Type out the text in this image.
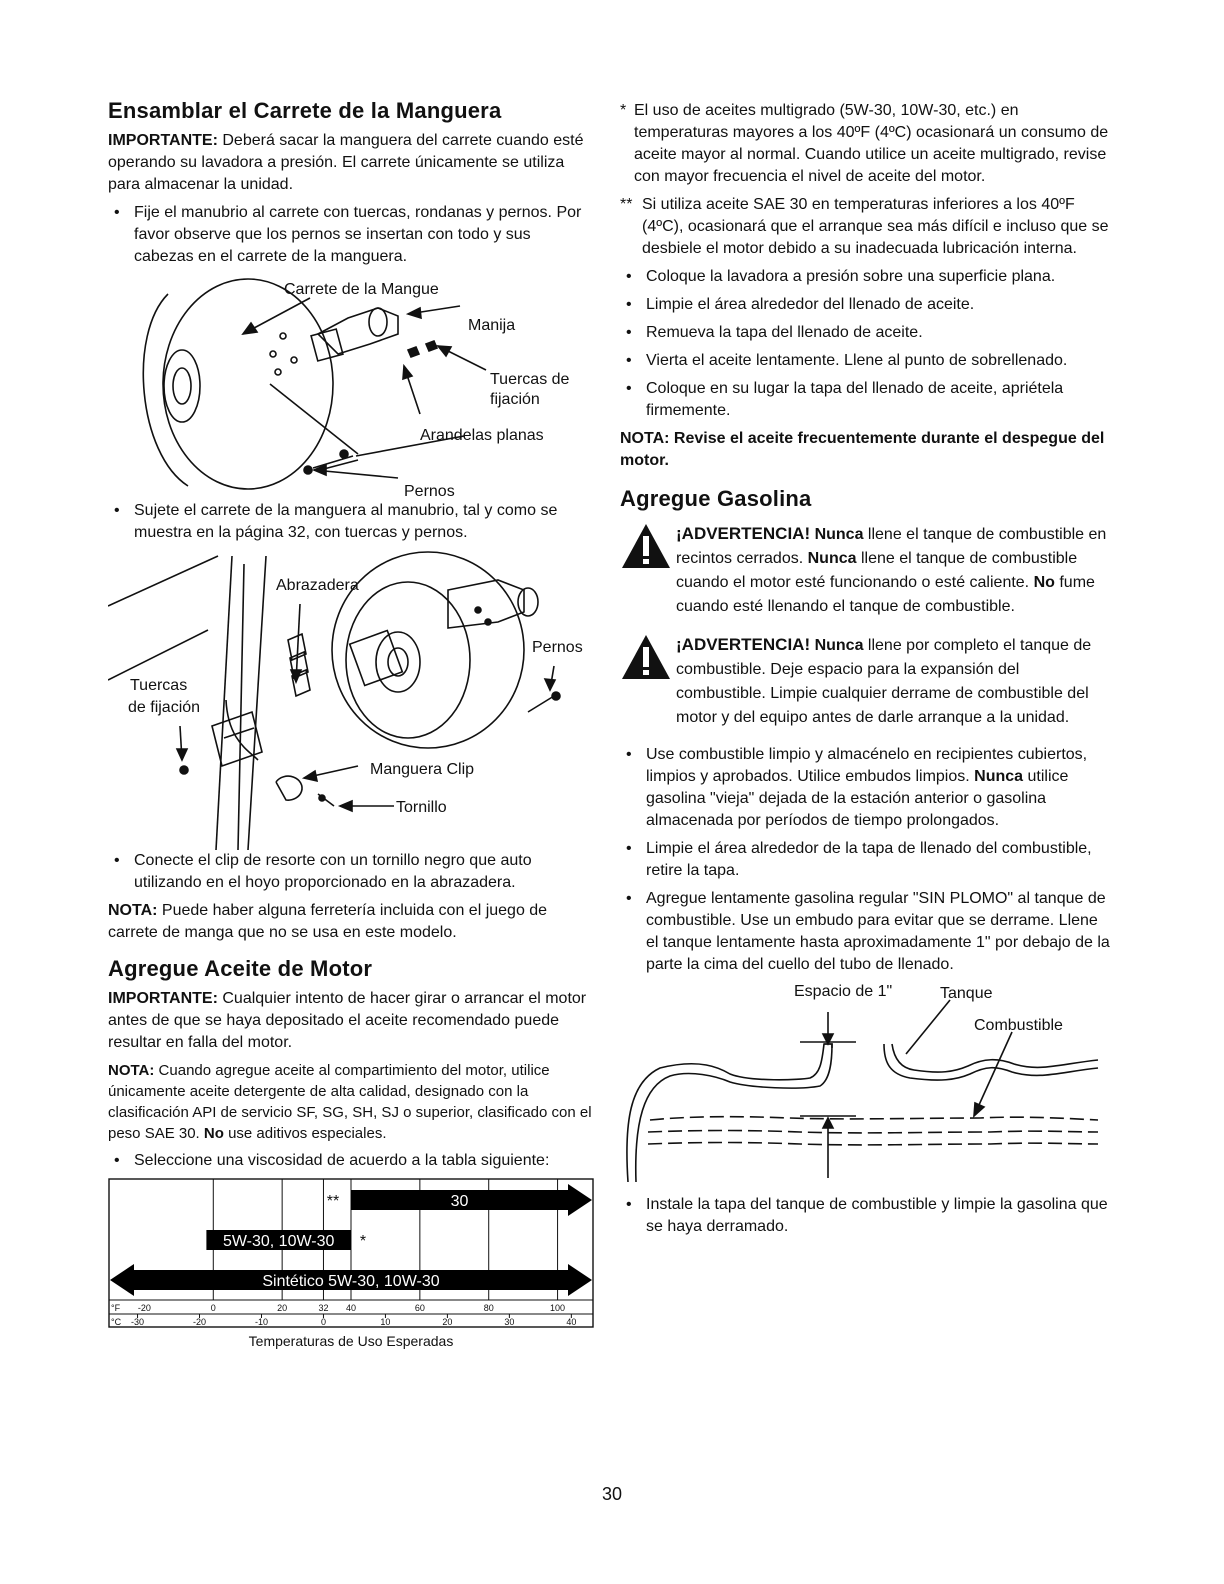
Ensamblar el Carrete de la Manguera

IMPORTANTE: Deberá sacar la manguera del carrete cuando esté operando su lavadora a presión. El carrete únicamente se utiliza para almacenar la unidad.

• Fije el manubrio al carrete con tuercas, rondanas y pernos. Por favor observe que los pernos se insertan con todo y sus cabezas en el carrete de la manguera.
Carrete de la Mangue
Manija
Tuercas de
fijación
Arandelas planas
Pernos
• Sujete el carrete de la manguera al manubrio, tal y como se muestra en la página 32, con tuercas y pernos.
Abrazadera
Pernos
Tuercas
de fijación
Manguera Clip
Tornillo
• Conecte el clip de resorte con un tornillo negro que auto utilizando en el hoyo proporcionado en la abrazadera.

NOTA: Puede haber alguna ferretería incluida con el juego de carrete de manga que no se usa en este modelo.

Agregue Aceite de Motor

IMPORTANTE: Cualquier intento de hacer girar o arrancar el motor antes de que se haya depositado el aceite recomendado puede resultar en falla del motor.

NOTA: Cuando agregue aceite al compartimiento del motor, utilice únicamente aceite detergente de alta calidad, designado con la clasificación API de servicio SF, SG, SH, SJ o superior, clasificado con el peso SAE 30. No use aditivos especiales.

• Seleccione una viscosidad de acuerdo a la tabla siguiente:
30
**
5W-30, 10W-30 *
Sintético 5W-30, 10W-30
°F
°C
-20	0	20	32 40	60	80	100
-30	-20	-10	0	10	20	30	40
Temperaturas de Uso Esperadas
* El uso de aceites multigrado (5W-30, 10W-30, etc.) en temperaturas mayores a los 40ºF (4ºC) ocasionará un consumo de aceite mayor al normal. Cuando utilice un aceite multigrado, revise con mayor frecuencia el nivel de aceite del motor.
** Si utiliza aceite SAE 30 en temperaturas inferiores a los 40ºF (4ºC), ocasionará que el arranque sea más difícil e incluso que se desbiele el motor debido a su inadecuada lubricación interna.
• Coloque la lavadora a presión sobre una superficie plana.
• Limpie el área alrededor del llenado de aceite.
• Remueva la tapa del llenado de aceite.
• Vierta el aceite lentamente. Llene al punto de sobrellenado.
• Coloque en su lugar la tapa del llenado de aceite, apriétela firmemente.

NOTA: Revise el aceite frecuentemente durante el despegue del motor.

Agregue Gasolina

¡ADVERTENCIA! Nunca llene el tanque de combustible en recintos cerrados. Nunca llene el tanque de combustible cuando el motor esté funcionando o esté caliente. No fume cuando esté llenando el tanque de combustible.

¡ADVERTENCIA! Nunca llene por completo el tanque de combustible. Deje espacio para la expansión del combustible. Limpie cualquier derrame de combustible del motor y del equipo antes de darle arranque a la unidad.

• Use combustible limpio y almacénelo en recipientes cubiertos, limpios y aprobados. Utilice embudos limpios. Nunca utilice gasolina "vieja" dejada de la estación anterior o gasolina almacenada por períodos de tiempo prolongados.
• Limpie el área alrededor de la tapa de llenado del combustible, retire la tapa.
• Agregue lentamente gasolina regular "SIN PLOMO" al tanque de combustible. Use un embudo para evitar que se derrame. Llene el tanque lentamente hasta aproximadamente 1" por debajo de la parte la cima del cuello del tubo de llenado.
Espacio de 1"	Tanque
Combustible
• Instale la tapa del tanque de combustible y limpie la gasolina que se haya derramado.
30
